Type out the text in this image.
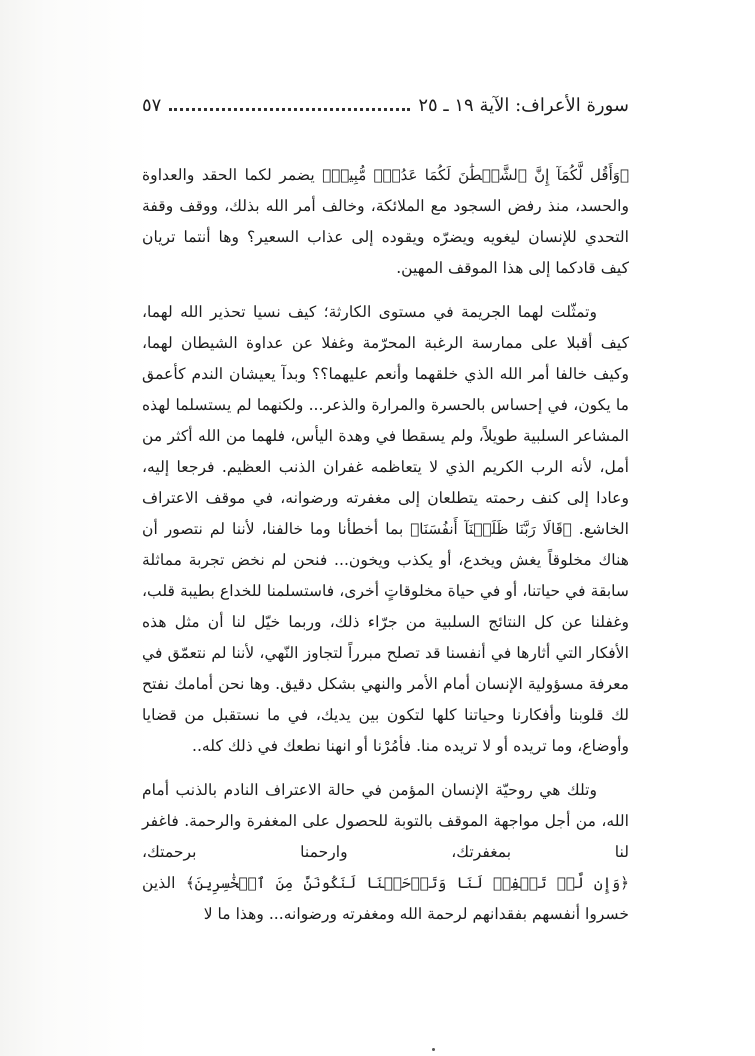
سورة الأعراف: الآية ١٩ ـ ٢٥
٥٧

﴿وَأَقُل لَّكُمَآ إِنَّ ٱلشَّيۡطَٰنَ لَكُمَا عَدُوّٞ مُّبِينٞ﴾ يضمر لكما الحقد والعداوة والحسد، منذ رفض السجود مع الملائكة، وخالف أمر الله بذلك، ووقف وقفة التحدي للإنسان ليغويه ويضرّه ويقوده إلى عذاب السعير؟ وها أنتما تريان كيف قادكما إلى هذا الموقف المهين.

وتمثّلت لهما الجريمة في مستوى الكارثة؛ كيف نسيا تحذير الله لهما، كيف أقبلا على ممارسة الرغبة المحرّمة وغفلا عن عداوة الشيطان لهما، وكيف خالفا أمر الله الذي خلقهما وأنعم عليهما؟؟ وبدآ يعيشان الندم كأعمق ما يكون، في إحساس بالحسرة والمرارة والذعر... ولكنهما لم يستسلما لهذه المشاعر السلبية طويلاً، ولم يسقطا في وهدة اليأس، فلهما من الله أكثر من أمل، لأنه الرب الكريم الذي لا يتعاظمه غفران الذنب العظيم. فرجعا إليه، وعادا إلى كنف رحمته يتطلعان إلى مغفرته ورضوانه، في موقف الاعتراف الخاشع. ﴿قَالَا رَبَّنَا ظَلَمۡنَآ أَنفُسَنَا﴾ بما أخطأنا وما خالفنا، لأننا لم نتصور أن هناك مخلوقاً يغش ويخدع، أو يكذب ويخون... فنحن لم نخض تجربة مماثلة سابقة في حياتنا، أو في حياة مخلوقاتٍ أخرى، فاستسلمنا للخداع بطيبة قلب، وغفلنا عن كل النتائج السلبية من جرّاء ذلك، وربما خيّل لنا أن مثل هذه الأفكار التي أثارها في أنفسنا قد تصلح مبرراً لتجاوز النّهي، لأننا لم نتعمّق في معرفة مسؤولية الإنسان أمام الأمر والنهي بشكل دقيق. وها نحن أمامك نفتح لك قلوبنا وأفكارنا وحياتنا كلها لتكون بين يديك، في ما نستقبل من قضايا وأوضاع، وما تريده أو لا تريده منا. فأمُرْنا أو انهنا نطعك في ذلك كله..

وتلك هي روحيّة الإنسان المؤمن في حالة الاعتراف النادم بالذنب أمام الله، من أجل مواجهة الموقف بالتوبة للحصول على المغفرة والرحمة. فاغفر لنا بمغفرتك، وارحمنا برحمتك، ﴿وَإِن لَّمۡ تَغۡفِرۡ لَنَا وَتَرۡحَمۡنَا لَنَكُونَنَّ مِنَ ٱلۡخَٰسِرِينَ﴾ الذين خسروا أنفسهم بفقدانهم لرحمة الله ومغفرته ورضوانه... وهذا ما لا
